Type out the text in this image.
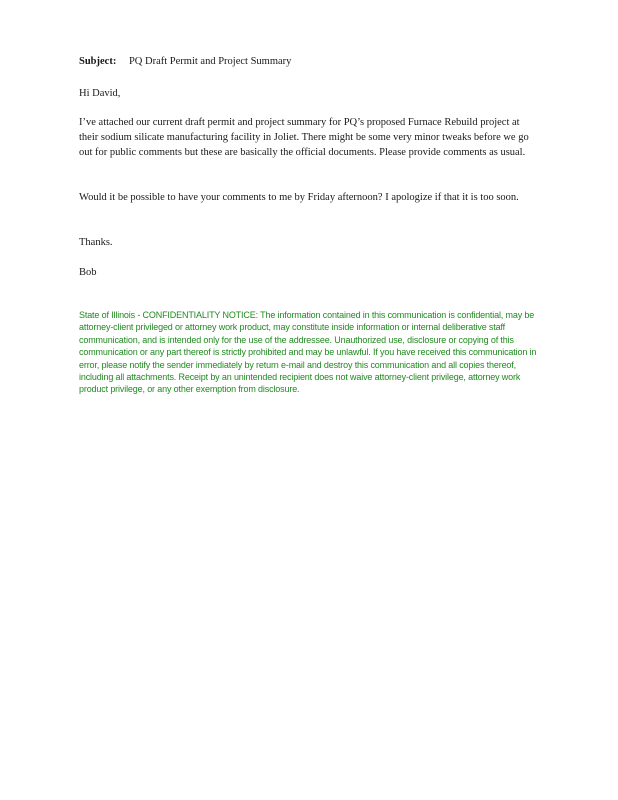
Subject: PQ Draft Permit and Project Summary
Hi David,

I’ve attached our current draft permit and project summary for PQ’s proposed Furnace Rebuild project at their sodium silicate manufacturing facility in Joliet. There might be some very minor tweaks before we go out for public comments but these are basically the official documents. Please provide comments as usual.

Would it be possible to have your comments to me by Friday afternoon? I apologize if that it is too soon.

Thanks.
Bob
State of Illinois - CONFIDENTIALITY NOTICE: The information contained in this communication is confidential, may be attorney-client privileged or attorney work product, may constitute inside information or internal deliberative staff communication, and is intended only for the use of the addressee. Unauthorized use, disclosure or copying of this communication or any part thereof is strictly prohibited and may be unlawful. If you have received this communication in error, please notify the sender immediately by return e-mail and destroy this communication and all copies thereof, including all attachments. Receipt by an unintended recipient does not waive attorney-client privilege, attorney work product privilege, or any other exemption from disclosure.
